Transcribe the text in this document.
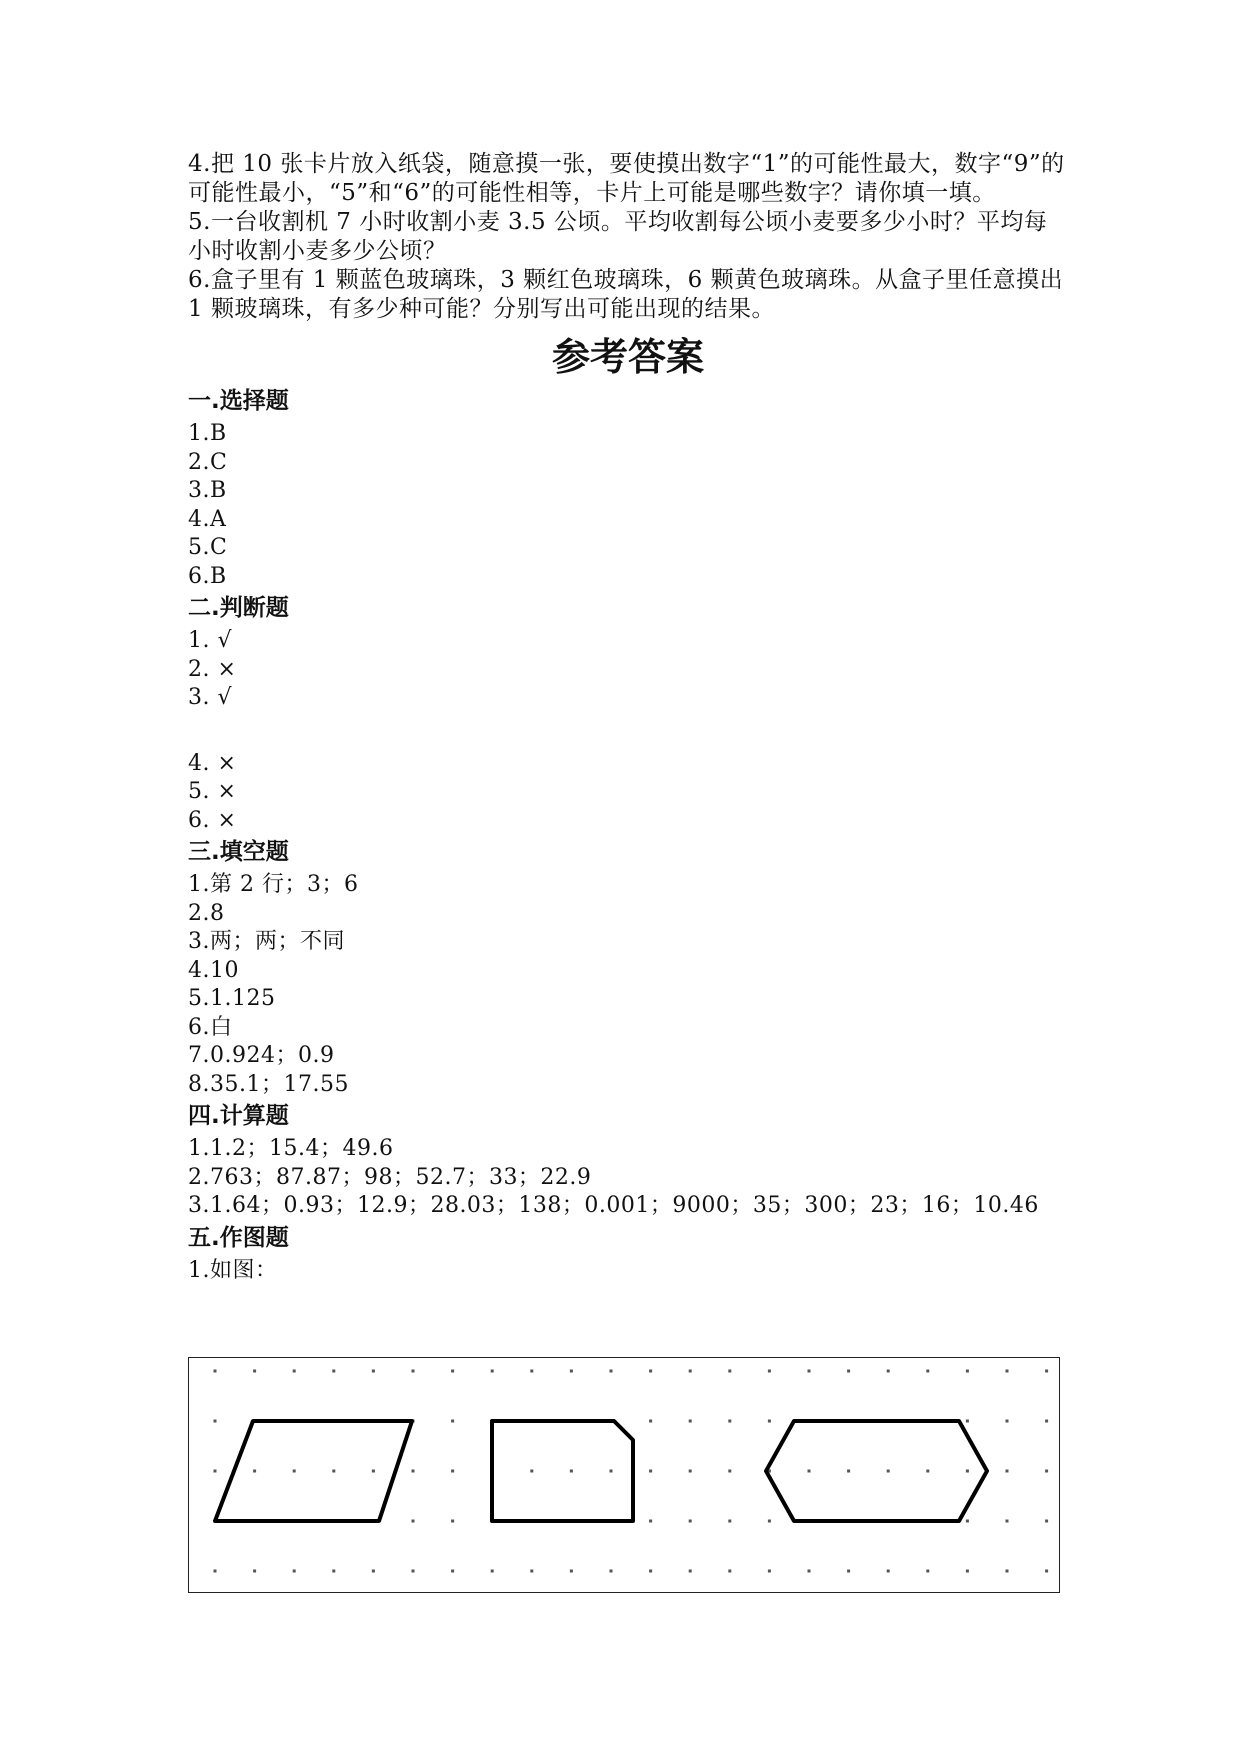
4.把 10 张卡片放入纸袋，随意摸一张，要使摸出数字“1”的可能性最大，数字“9”的可能性最小，“5”和“6”的可能性相等，卡片上可能是哪些数字？请你填一填。

5.一台收割机 7 小时收割小麦 3.5 公顷。平均收割每公顷小麦要多少小时？平均每小时收割小麦多少公顷？

6.盒子里有 1 颗蓝色玻璃珠，3 颗红色玻璃珠，6 颗黄色玻璃珠。从盒子里任意摸出 1 颗玻璃珠，有多少种可能？分别写出可能出现的结果。

参考答案
一.选择题

1.B

2.C

3.B

4.A

5.C

6.B

二.判断题

1. √

2. ×

3. √

4. ×

5. ×

6. ×

三.填空题

1.第 2 行；3；6

2.8

3.两；两；不同

4.10

5.1.125

6.白

7.0.924；0.9

8.35.1；17.55

四.计算题

1.1.2；15.4；49.6

2.763；87.87；98；52.7；33；22.9

3.1.64；0.93；12.9；28.03；138；0.001；9000；35；300；23；16；10.46

五.作图题

1.如图：
